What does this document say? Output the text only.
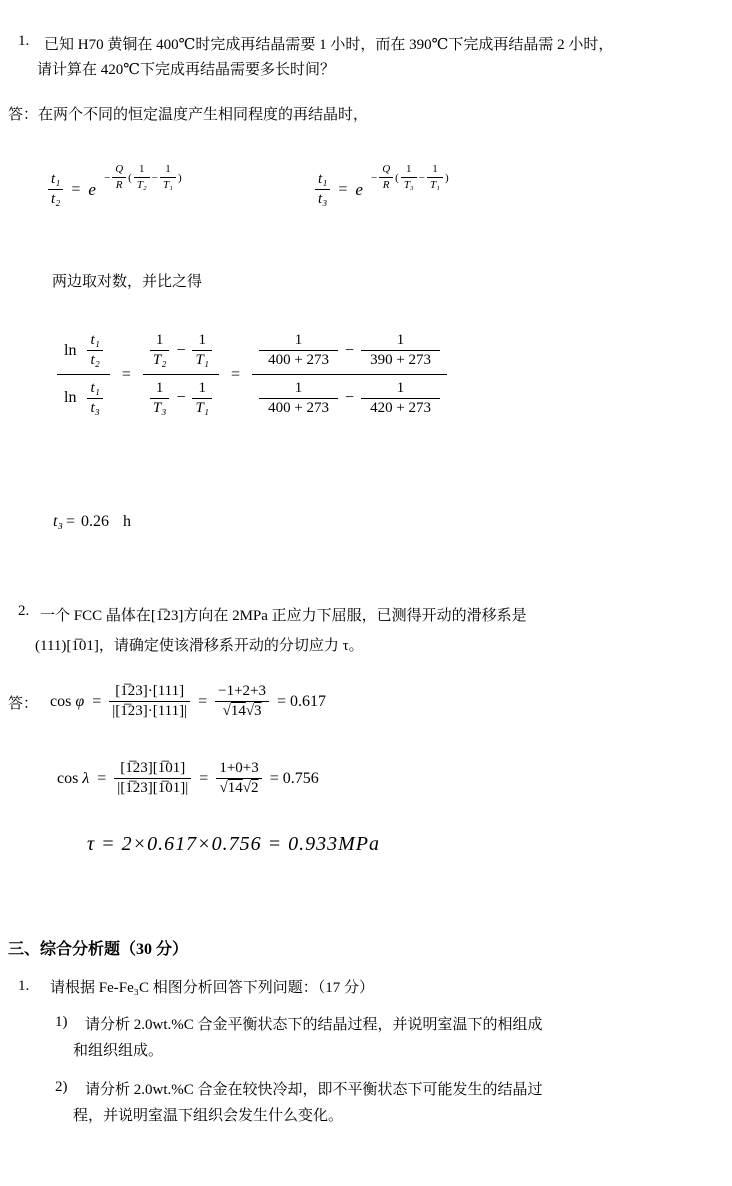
1. 已知 H70 黄铜在 400℃时完成再结晶需要 1 小时，而在 390℃下完成再结晶需 2 小时，
请计算在 420℃下完成再结晶需要多长时间？
答：在两个不同的恒定温度产生相同程度的再结晶时，
$\frac{\text{t₁}}{\text{t₂}} = e$
− $\frac{Q}{R}$ ( $\frac{1}{\text{T₂}} - \frac{1}{\text{T₁}}$ )	$\frac{\text{t₁}}{\text{t₃}} = e$
− $\frac{Q}{R}$ ( $\frac{1}{\text{T₃}} - \frac{1}{\text{T₁}}$ )
两边取对数，并比之得
$\frac{\ln \frac{\text{t₁}}{\text{t₂}}}{\ln \frac{\text{t₁}}{\text{t₃}}} = \frac{\frac{1}{\text{T₂}} - \frac{1}{\text{T₁}}}{\frac{1}{\text{T₃}} - \frac{1}{\text{T₁}}}$ =
$\frac{1}{400 + 273} - \frac{1}{390 + 273}$
$\frac{1}{400 + 273} - \frac{1}{420 + 273}$
t₃ = 0.26 h
2. 一个 FCC 晶体在[1̅23]方向在 2MPa 正应力下屈服，已测得开动的滑移系是
(111)[1̅01]，请确定使该滑移系开动的分切应力 τ。
答： $\cos \varphi = \frac{[1̅23]\cdot[111]}{|[1̅23]\cdot[111]|} = \frac{-1+2+3}{√14√3} = 0.617$
$\cos \lambda = \frac{[1̅23][1̅01]}{|[1̅23][1̅01]|} = \frac{1+0+3}{√14√2} = 0.756$
τ = 2×0.617×0.756 = 0.933MPa
三、综合分析题（30 分）
1. 请根据 Fe-Fe₃C 相图分析回答下列问题：（17 分）
1)	请分析 2.0wt.%C 合金平衡状态下的结晶过程，并说明室温下的相组成
和组织组成。
2)	请分析 2.0wt.%C 合金在较快冷却，即不平衡状态下可能发生的结晶过
程，并说明室温下组织会发生什么变化。
